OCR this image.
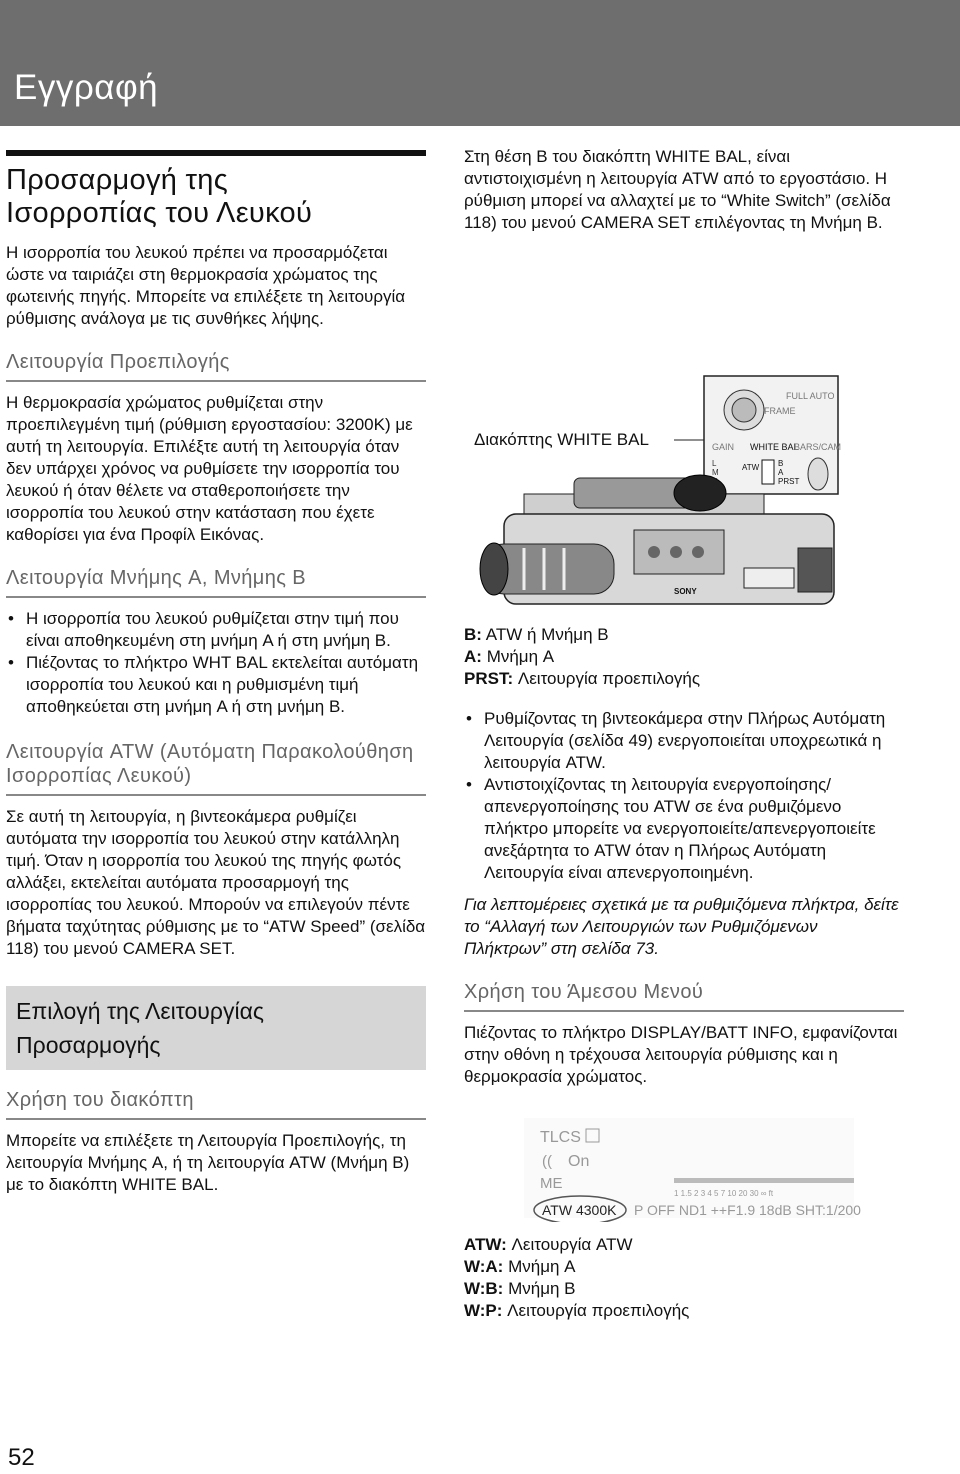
Εγγραφή
Προσαρμογή της
Ισορροπίας του Λευκού

Η ισορροπία του λευκού πρέπει να προσαρμόζεται ώστε να ταιριάζει στη θερμοκρασία χρώματος της φωτεινής πηγής. Μπορείτε να επιλέξετε τη λειτουργία ρύθμισης ανάλογα με τις συνθήκες λήψης.

Λειτουργία Προεπιλογής

Η θερμοκρασία χρώματος ρυθμίζεται στην προεπιλεγμένη τιμή (ρύθμιση εργοστασίου: 3200K) με αυτή τη λειτουργία. Επιλέξτε αυτή τη λειτουργία όταν δεν υπάρχει χρόνος να ρυθμίσετε την ισορροπία του λευκού ή όταν θέλετε να σταθεροποιήσετε την ισορροπία του λευκού στην κατάσταση που έχετε καθορίσει για ένα Προφίλ Εικόνας.

Λειτουργία Μνήμης A, Μνήμης B
• Η ισορροπία του λευκού ρυθμίζεται στην τιμή που είναι αποθηκευμένη στη μνήμη A ή στη μνήμη B.
• Πιέζοντας το πλήκτρο WHT BAL εκτελείται αυτόματη ισορροπία του λευκού και η ρυθμισμένη τιμή αποθηκεύεται στη μνήμη A ή στη μνήμη B.
Λειτουργία ATW (Αυτόματη Παρακολούθηση Ισορροπίας Λευκού)

Σε αυτή τη λειτουργία, η βιντεοκάμερα ρυθμίζει αυτόματα την ισορροπία του λευκού στην κατάλληλη τιμή. Όταν η ισορροπία του λευκού της πηγής φωτός αλλάξει, εκτελείται αυτόματα προσαρμογή της ισορροπίας του λευκού. Μπορούν να επιλεγούν πέντε βήματα ταχύτητας ρύθμισης με το “ATW Speed” (σελίδα 118) του μενού CAMERA SET.

Επιλογή της Λειτουργίας
Προσαρμογής
Χρήση του διακόπτη

Μπορείτε να επιλέξετε τη Λειτουργία Προεπιλογής, τη λειτουργία Μνήμης A, ή τη λειτουργία ATW (Μνήμη B) με το διακόπτη WHITE BAL.

Στη θέση B του διακόπτη WHITE BAL, είναι αντιστοιχισμένη η λειτουργία ATW από το εργοστάσιο. Η ρύθμιση μπορεί να αλλαχτεί με το “White Switch” (σελίδα 118) του μενού CAMERA SET επιλέγοντας τη Μνήμη B.

Διακόπτης WHITE BAL
FULL AUTO
FRAME
GAIN WHITE BAL
BARS/CAM
L
M
ATW B
A
PRST
SONY

B: ATW ή Μνήμη B

A: Μνήμη A

PRST: Λειτουργία προεπιλογής

• Ρυθμίζοντας τη βιντεοκάμερα στην Πλήρως Αυτόματη Λειτουργία (σελίδα 49) ενεργοποιείται υποχρεωτικά η λειτουργία ATW.
• Αντιστοιχίζοντας τη λειτουργία ενεργοποίησης/απενεργοποίησης του ATW σε ένα ρυθμιζόμενο πλήκτρο μπορείτε να ενεργοποιείτε/απενεργοποιείτε ανεξάρτητα το ATW όταν η Πλήρως Αυτόματη Λειτουργία είναι απενεργοποιημένη.

Για λεπτομέρειες σχετικά με τα ρυθμιζόμενα πλήκτρα, δείτε το “Αλλαγή των Λειτουργιών των Ρυθμιζόμενων Πλήκτρων” στη σελίδα 73.

Χρήση του Άμεσου Μενού

Πιέζοντας το πλήκτρο DISPLAY/BATT INFO, εμφανίζονται στην οθόνη η τρέχουσα λειτουργία ρύθμισης και η θερμοκρασία χρώματος.

TLCS
(( On
ME
1 1.5 2 3 4 5 7 10 20 30 ∞ ft
ATW 4300K P OFF ND1 ++F1.9 18dB SHT:1/200

ATW: Λειτουργία ATW

W:A: Μνήμη A

W:B: Μνήμη B

W:P: Λειτουργία προεπιλογής

52
